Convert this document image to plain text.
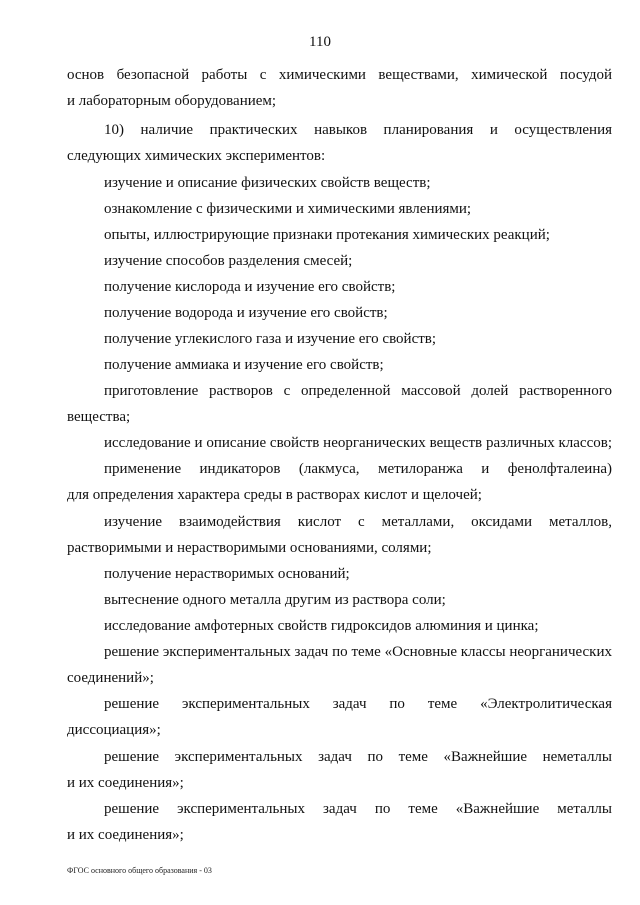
110
основ безопасной работы с химическими веществами, химической посудой
и лабораторным оборудованием;
10) наличие практических навыков планирования и осуществления
следующих химических экспериментов:
изучение и описание физических свойств веществ;
ознакомление с физическими и химическими явлениями;
опыты, иллюстрирующие признаки протекания химических реакций;
изучение способов разделения смесей;
получение кислорода и изучение его свойств;
получение водорода и изучение его свойств;
получение углекислого газа и изучение его свойств;
получение аммиака и изучение его свойств;
приготовление растворов с определенной массовой долей растворенного
вещества;
исследование и описание свойств неорганических веществ различных классов;
применение индикаторов (лакмуса, метилоранжа и фенолфталеина)
для определения характера среды в растворах кислот и щелочей;
изучение взаимодействия кислот с металлами, оксидами металлов,
растворимыми и нерастворимыми основаниями, солями;
получение нерастворимых оснований;
вытеснение одного металла другим из раствора соли;
исследование амфотерных свойств гидроксидов алюминия и цинка;
решение экспериментальных задач по теме «Основные классы неорганических
соединений»;
решение экспериментальных задач по теме «Электролитическая
диссоциация»;
решение экспериментальных задач по теме «Важнейшие неметаллы
и их соединения»;
решение экспериментальных задач по теме «Важнейшие металлы
и их соединения»;
ФГОС основного общего образования - 03
